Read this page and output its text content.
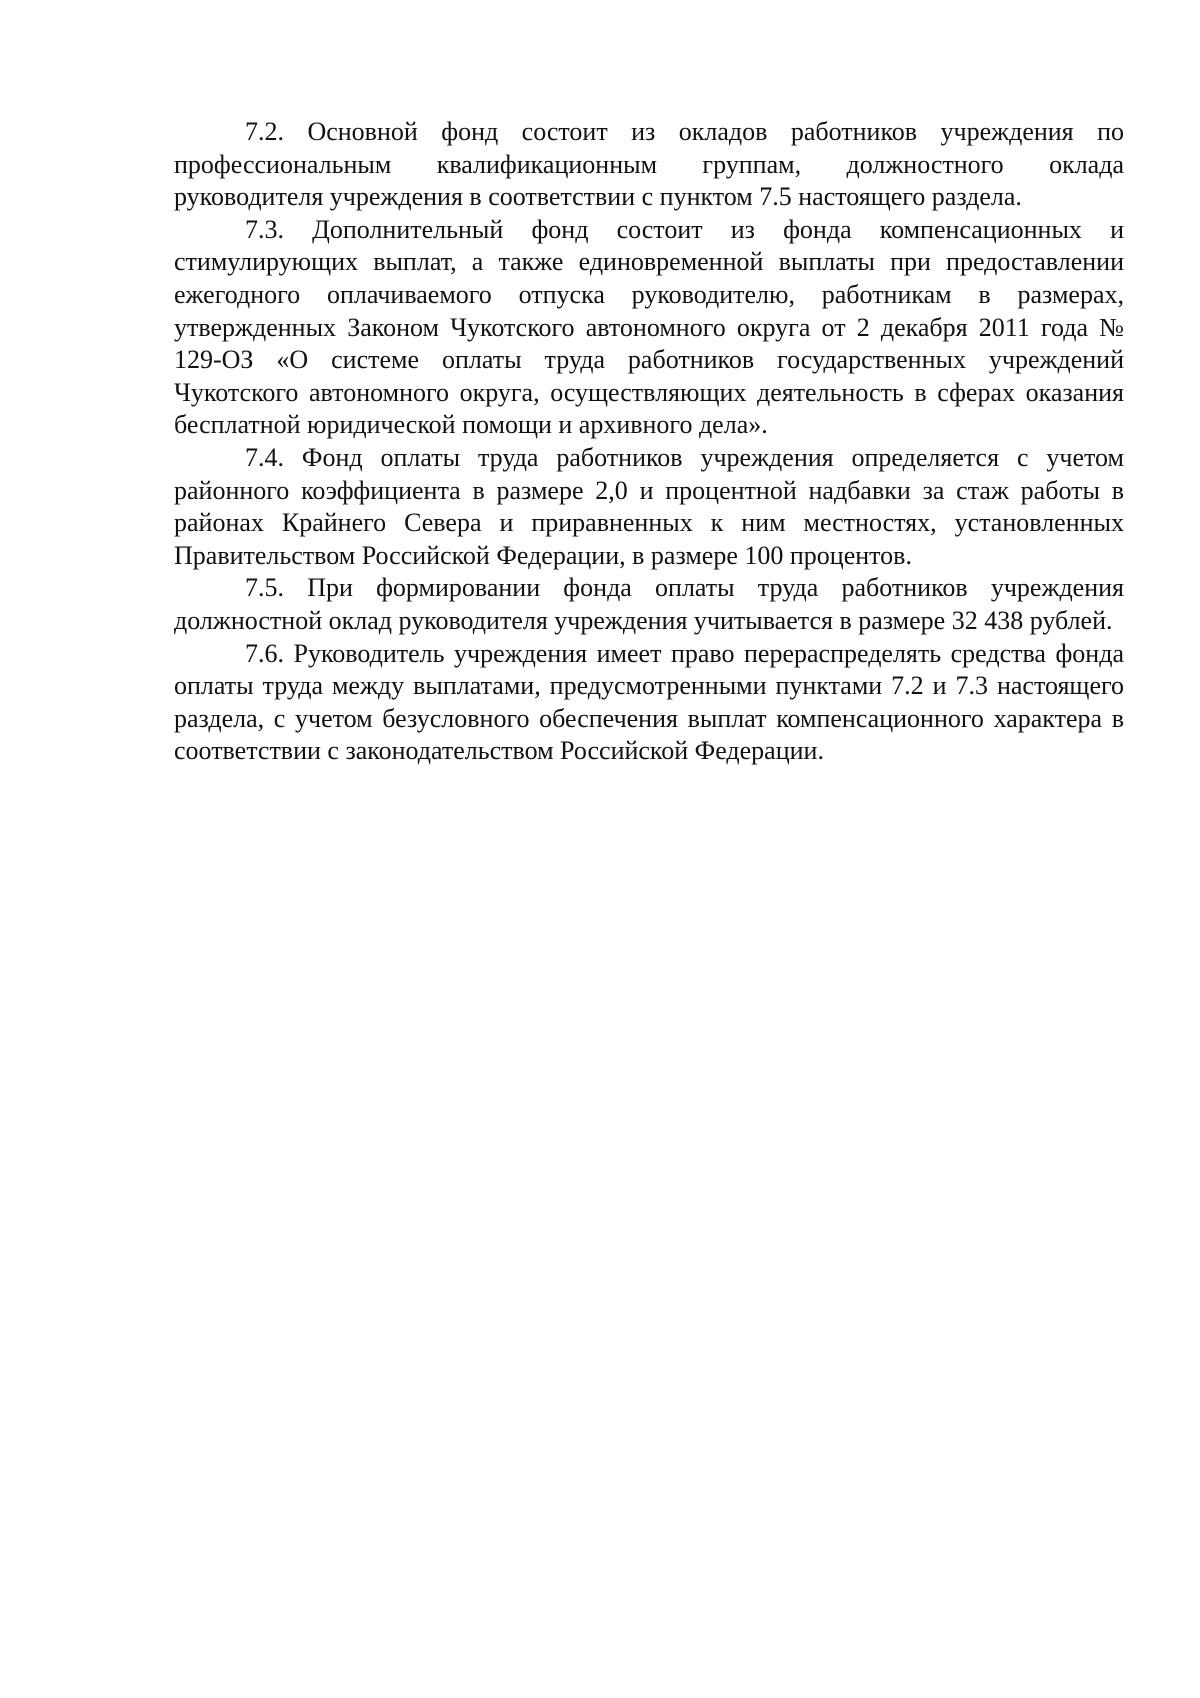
7.2. Основной фонд состоит из окладов работников учреждения по профессиональным квалификационным группам, должностного оклада руководителя учреждения в соответствии с пунктом 7.5 настоящего раздела.

7.3. Дополнительный фонд состоит из фонда компенсационных и стимулирующих выплат, а также единовременной выплаты при предоставлении ежегодного оплачиваемого отпуска руководителю, работникам в размерах, утвержденных Законом Чукотского автономного округа от 2 декабря 2011 года № 129-ОЗ «О системе оплаты труда работников государственных учреждений Чукотского автономного округа, осуществляющих деятельность в сферах оказания бесплатной юридической помощи и архивного дела».

7.4. Фонд оплаты труда работников учреждения определяется с учетом районного коэффициента в размере 2,0 и процентной надбавки за стаж работы в районах Крайнего Севера и приравненных к ним местностях, установленных Правительством Российской Федерации, в размере 100 процентов.

7.5. При формировании фонда оплаты труда работников учреждения должностной оклад руководителя учреждения учитывается в размере 32 438 рублей.

7.6. Руководитель учреждения имеет право перераспределять средства фонда оплаты труда между выплатами, предусмотренными пунктами 7.2 и 7.3 настоящего раздела, с учетом безусловного обеспечения выплат компенсационного характера в соответствии с законодательством Российской Федерации.
